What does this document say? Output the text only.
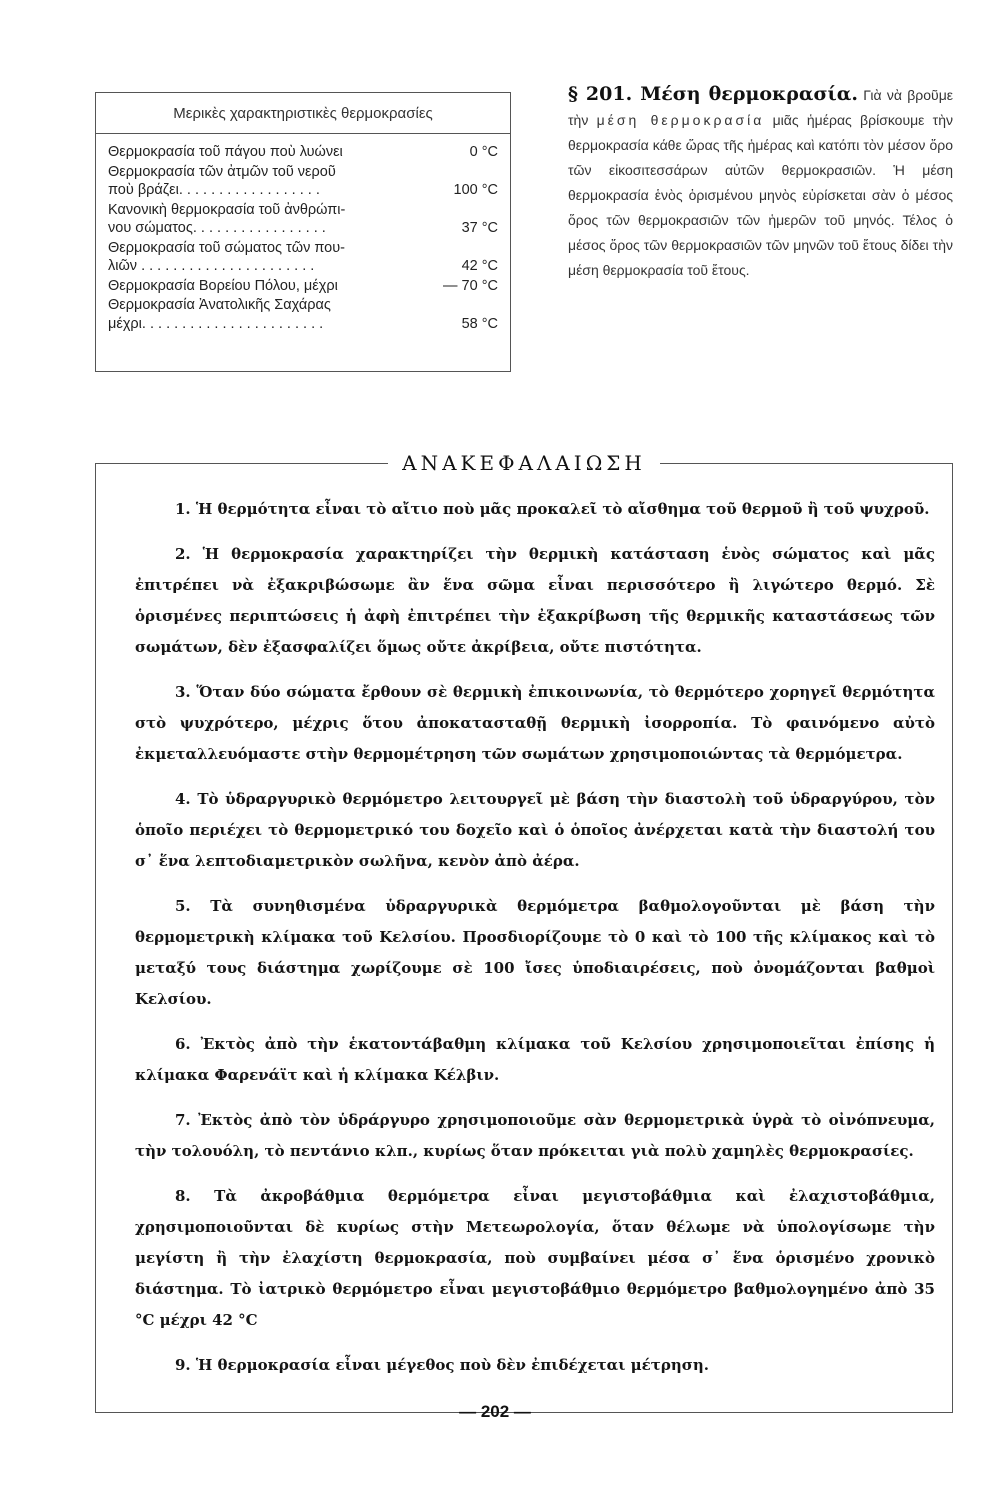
Μερικὲς χαρακτηριστικὲς θερμοκρασίες
Θερμοκρασία τοῦ πάγου ποὺ λυώνει	0 °C
Θερμοκρασία τῶν ἀτμῶν τοῦ νεροῦ
ποὺ βράζει. . . . . . . . . . . . . . . . . .	100 °C
Κανονικὴ θερμοκρασία τοῦ ἀνθρώπι-
νου σώματος. . . . . . . . . . . . . . . . .	37 °C
Θερμοκρασία τοῦ σώματος τῶν που-
λιῶν . . . . . . . . . . . . . . . . . . . . . .	42 °C
Θερμοκρασία Βορείου Πόλου, μέχρι	— 70 °C
Θερμοκρασία Ἀνατολικῆς Σαχάρας
μέχρι. . . . . . . . . . . . . . . . . . . . . . .	58 °C
§ 201. Μέση θερμοκρασία. Γιὰ νὰ βροῦμε τὴν μέση θερμοκρασία μιᾶς ἡμέρας βρίσκουμε τὴν θερμοκρασία κάθε ὥρας τῆς ἡμέρας καὶ κατόπι τὸν μέσον ὅρο τῶν εἰκοσιτεσσάρων αὐτῶν θερμοκρασιῶν. Ἡ μέση θερμοκρασία ἑνὸς ὁρισμένου μηνὸς εὑρίσκεται σὰν ὁ μέσος ὅρος τῶν θερμοκρασιῶν τῶν ἡμερῶν τοῦ μηνός. Τέλος ὁ μέσος ὅρος τῶν θερμοκρασιῶν τῶν μηνῶν τοῦ ἔτους δίδει τὴν μέση θερμοκρασία τοῦ ἔτους.
ΑΝΑΚΕΦΑΛΑΙΩΣΗ

1. Ἡ θερμότητα εἶναι τὸ αἴτιο ποὺ μᾶς προκαλεῖ τὸ αἴσθημα τοῦ θερμοῦ ἢ τοῦ ψυχροῦ.

2. Ἡ θερμοκρασία χαρακτηρίζει τὴν θερμικὴ κατάσταση ἑνὸς σώματος καὶ μᾶς ἐπιτρέπει νὰ ἐξακριβώσωμε ἂν ἕνα σῶμα εἶναι περισσότερο ἢ λιγώτερο θερμό. Σὲ ὁρισμένες περιπτώσεις ἡ ἀφὴ ἐπιτρέπει τὴν ἐξακρίβωση τῆς θερμικῆς καταστάσεως τῶν σωμάτων, δὲν ἐξασφαλίζει ὅμως οὔτε ἀκρίβεια, οὔτε πιστότητα.

3. Ὅταν δύο σώματα ἔρθουν σὲ θερμικὴ ἐπικοινωνία, τὸ θερμότερο χορηγεῖ θερμότητα στὸ ψυχρότερο, μέχρις ὅτου ἀποκατασταθῇ θερμικὴ ἰσορροπία. Τὸ φαινόμενο αὐτὸ ἐκμεταλλευόμαστε στὴν θερμομέτρηση τῶν σωμάτων χρησιμοποιώντας τὰ θερμόμετρα.

4. Τὸ ὑδραργυρικὸ θερμόμετρο λειτουργεῖ μὲ βάση τὴν διαστολὴ τοῦ ὑδραργύρου, τὸν ὁποῖο περιέχει τὸ θερμομετρικό του δοχεῖο καὶ ὁ ὁποῖος ἀνέρχεται κατὰ τὴν διαστολή του σ᾽ ἕνα λεπτοδιαμετρικὸν σωλῆνα, κενὸν ἀπὸ ἀέρα.

5. Τὰ συνηθισμένα ὑδραργυρικὰ θερμόμετρα βαθμολογοῦνται μὲ βάση τὴν θερμομετρικὴ κλίμακα τοῦ Κελσίου. Προσδιορίζουμε τὸ 0 καὶ τὸ 100 τῆς κλίμακος καὶ τὸ μεταξύ τους διάστημα χωρίζουμε σὲ 100 ἴσες ὑποδιαιρέσεις, ποὺ ὀνομάζονται βαθμοὶ Κελσίου.

6. Ἐκτὸς ἀπὸ τὴν ἑκατοντάβαθμη κλίμακα τοῦ Κελσίου χρησιμοποιεῖται ἐπίσης ἡ κλίμακα Φαρενάϊτ καὶ ἡ κλίμακα Κέλβιν.

7. Ἐκτὸς ἀπὸ τὸν ὑδράργυρο χρησιμοποιοῦμε σὰν θερμομετρικὰ ὑγρὰ τὸ οἰνόπνευμα, τὴν τολουόλη, τὸ πεντάνιο κλπ., κυρίως ὅταν πρόκειται γιὰ πολὺ χαμηλὲς θερμοκρασίες.

8. Τὰ ἀκροβάθμια θερμόμετρα εἶναι μεγιστοβάθμια καὶ ἐλαχιστοβάθμια, χρησιμοποιοῦνται δὲ κυρίως στὴν Μετεωρολογία, ὅταν θέλωμε νὰ ὑπολογίσωμε τὴν μεγίστη ἢ τὴν ἐλαχίστη θερμοκρασία, ποὺ συμβαίνει μέσα σ᾽ ἕνα ὁρισμένο χρονικὸ διάστημα. Τὸ ἰατρικὸ θερμόμετρο εἶναι μεγιστοβάθμιο θερμόμετρο βαθμολογημένο ἀπὸ 35 °C μέχρι 42 °C

9. Ἡ θερμοκρασία εἶναι μέγεθος ποὺ δὲν ἐπιδέχεται μέτρηση.

— 202 —
